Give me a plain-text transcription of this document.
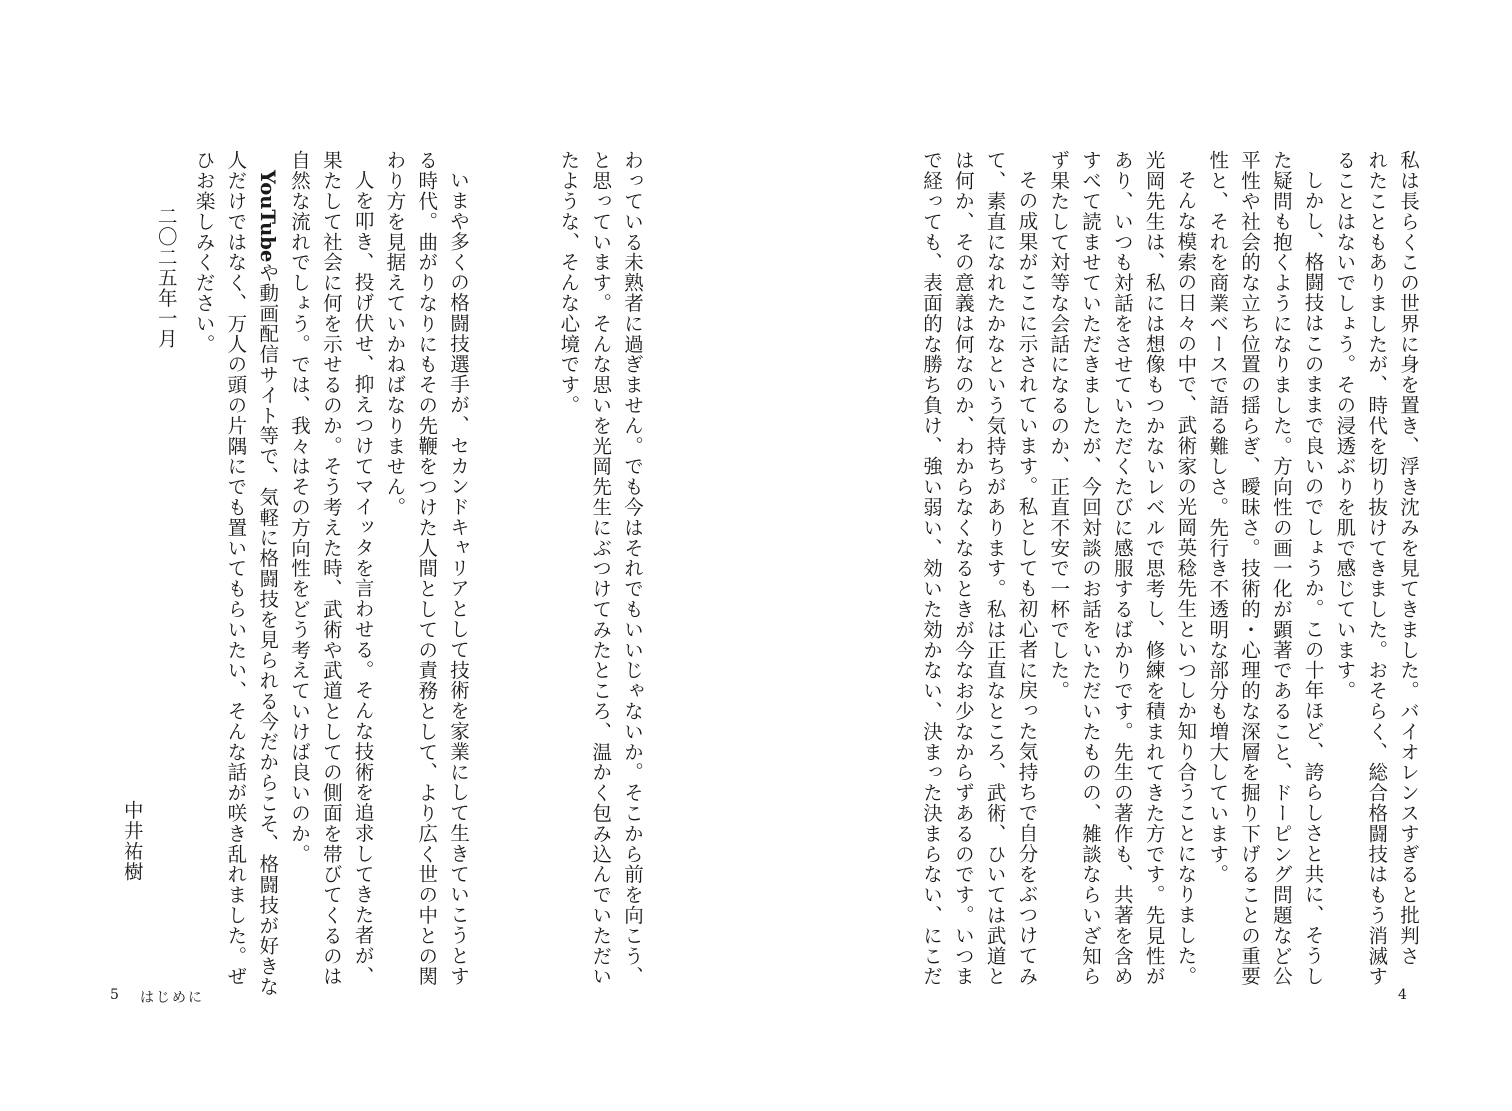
私は長らくこの世界に身を置き、浮き沈みを見てきました。バイオレンスすぎると批判さ
れたこともありましたが、時代を切り抜けてきました。おそらく、総合格闘技はもう消滅す
ることはないでしょう。その浸透ぶりを肌で感じています。
しかし、格闘技はこのままで良いのでしょうか。この十年ほど、誇らしさと共に、そうし
た疑問も抱くようになりました。方向性の画一化が顕著であること、ドーピング問題など公
平性や社会的な立ち位置の揺らぎ、曖昧さ。技術的・心理的な深層を掘り下げることの重要
性と、それを商業ベースで語る難しさ。先行き不透明な部分も増大しています。
そんな模索の日々の中で、武術家の光岡英稔先生といつしか知り合うことになりました。
光岡先生は、私には想像もつかないレベルで思考し、修練を積まれてきた方です。先見性が
あり、いつも対話をさせていただくたびに感服するばかりです。先生の著作も、共著を含め
すべて読ませていただきましたが、今回対談のお話をいただいたものの、雑談ならいざ知ら
ず果たして対等な会話になるのか、正直不安で一杯でした。
その成果がここに示されています。私としても初心者に戻った気持ちで自分をぶつけてみ
て、素直になれたかなという気持ちがあります。私は正直なところ、武術、ひいては武道と
は何か、その意義は何なのか、わからなくなるときが今なお少なからずあるのです。いつま
で経っても、表面的な勝ち負け、強い弱い、効いた効かない、決まった決まらない、にこだ
4
わっている未熟者に過ぎません。でも今はそれでもいいじゃないか。そこから前を向こう、
と思っています。そんな思いを光岡先生にぶつけてみたところ、温かく包み込んでいただい
たような、そんな心境です。
いまや多くの格闘技選手が、セカンドキャリアとして技術を家業にして生きていこうとす
る時代。曲がりなりにもその先鞭をつけた人間としての責務として、より広く世の中との関
わり方を見据えていかねばなりません。
人を叩き、投げ伏せ、抑えつけてマイッタを言わせる。そんな技術を追求してきた者が、
果たして社会に何を示せるのか。そう考えた時、武術や武道としての側面を帯びてくるのは
自然な流れでしょう。では、我々はその方向性をどう考えていけば良いのか。
YouTubeや動画配信サイト等で、気軽に格闘技を見られる今だからこそ、格闘技が好きな
人だけではなく、万人の頭の片隅にでも置いてもらいたい、そんな話が咲き乱れました。ぜ
ひお楽しみください。
二〇二五年一月
中井祐樹
5 はじめに
